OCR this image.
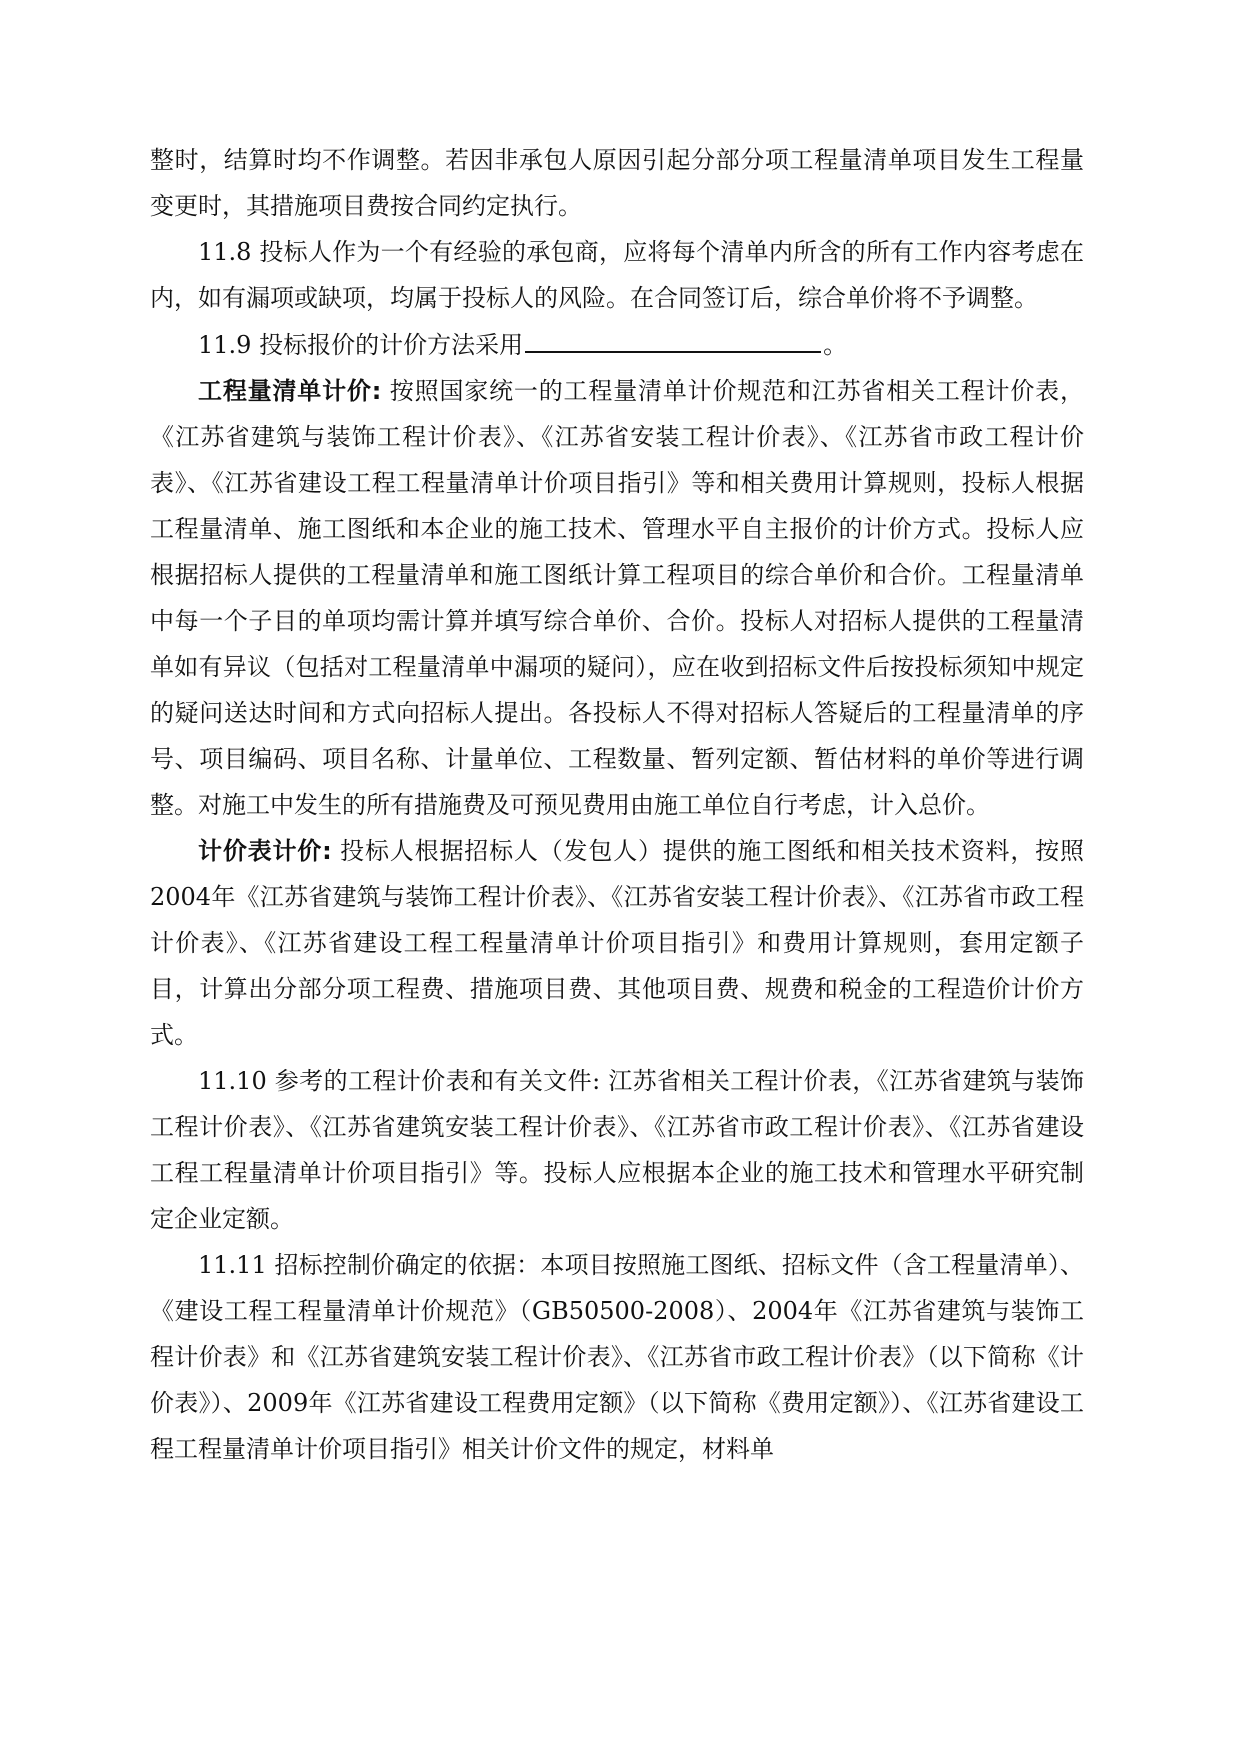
整时，结算时均不作调整。若因非承包人原因引起分部分项工程量清单项目发生工程量变更时，其措施项目费按合同约定执行。

11.8 投标人作为一个有经验的承包商，应将每个清单内所含的所有工作内容考虑在内，如有漏项或缺项，均属于投标人的风险。在合同签订后，综合单价将不予调整。

11.9 投标报价的计价方法采用	。

工程量清单计价: 按照国家统一的工程量清单计价规范和江苏省相关工程计价表，《江苏省建筑与装饰工程计价表》、《江苏省安装工程计价表》、《江苏省市政工程计价表》、《江苏省建设工程工程量清单计价项目指引》等和相关费用计算规则，投标人根据工程量清单、施工图纸和本企业的施工技术、管理水平自主报价的计价方式。投标人应根据招标人提供的工程量清单和施工图纸计算工程项目的综合单价和合价。工程量清单中每一个子目的单项均需计算并填写综合单价、合价。投标人对招标人提供的工程量清单如有异议（包括对工程量清单中漏项的疑问），应在收到招标文件后按投标须知中规定的疑问送达时间和方式向招标人提出。各投标人不得对招标人答疑后的工程量清单的序号、项目编码、项目名称、计量单位、工程数量、暂列定额、暂估材料的单价等进行调整。对施工中发生的所有措施费及可预见费用由施工单位自行考虑，计入总价。

计价表计价: 投标人根据招标人（发包人）提供的施工图纸和相关技术资料，按照2004年《江苏省建筑与装饰工程计价表》、《江苏省安装工程计价表》、《江苏省市政工程计价表》、《江苏省建设工程工程量清单计价项目指引》和费用计算规则，套用定额子目，计算出分部分项工程费、措施项目费、其他项目费、规费和税金的工程造价计价方式。

11.10 参考的工程计价表和有关文件: 江苏省相关工程计价表，《江苏省建筑与装饰工程计价表》、《江苏省建筑安装工程计价表》、《江苏省市政工程计价表》、《江苏省建设工程工程量清单计价项目指引》等。投标人应根据本企业的施工技术和管理水平研究制定企业定额。

11.11 招标控制价确定的依据：本项目按照施工图纸、招标文件（含工程量清单）、《建设工程工程量清单计价规范》（GB50500-2008）、2004年《江苏省建筑与装饰工程计价表》和《江苏省建筑安装工程计价表》、《江苏省市政工程计价表》（以下简称《计价表》）、2009年《江苏省建设工程费用定额》（以下简称《费用定额》）、《江苏省建设工程工程量清单计价项目指引》相关计价文件的规定，材料单
